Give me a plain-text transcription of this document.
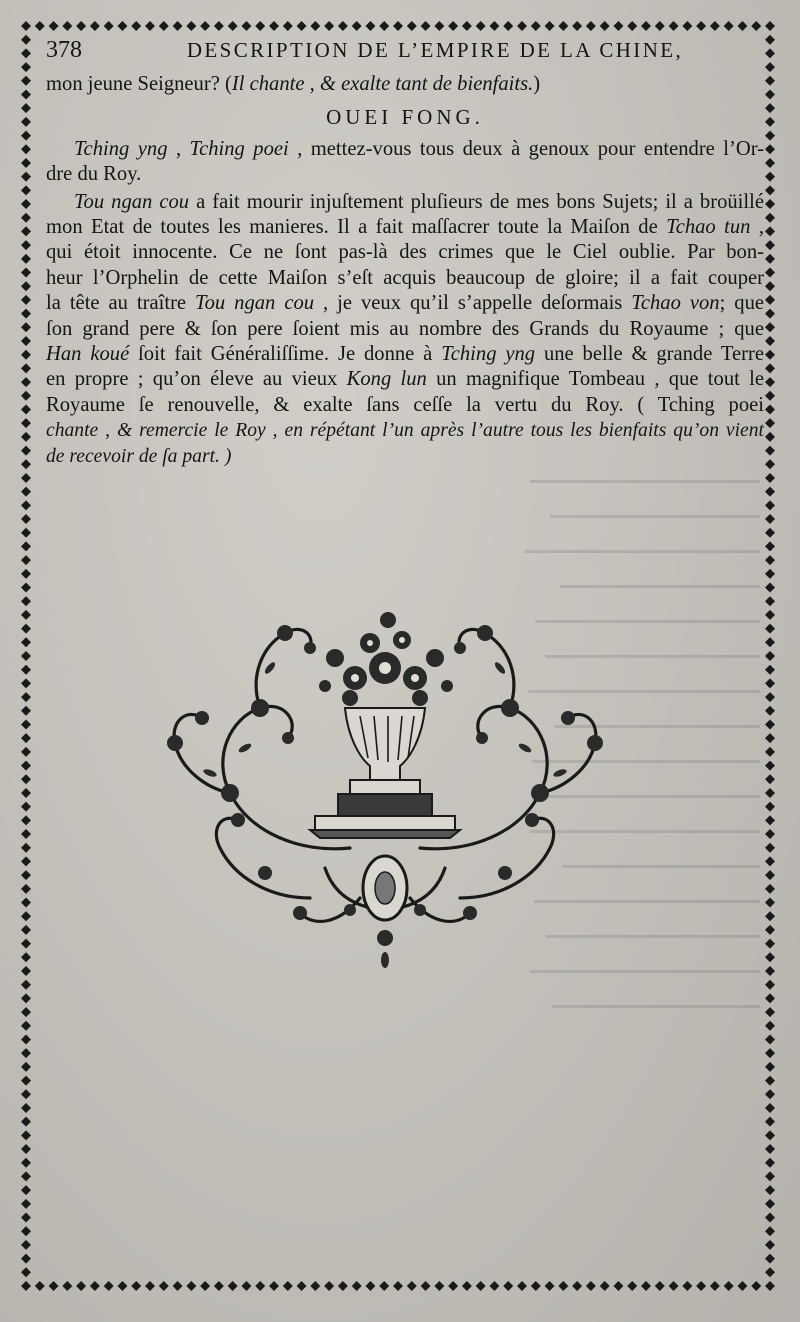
378	DESCRIPTION DE L’EMPIRE DE LA CHINE,
mon jeune Seigneur? (Il chante , & exalte tant de bienfaits.)
OUEI FONG.
Tching yng , Tching poei , mettez-vous tous deux à genoux pour entendre l’Or-
dre du Roy.
Tou ngan cou a fait mourir injuſtement pluſieurs de mes bons Sujets; il a broüillé
mon Etat de toutes les manieres. Il a fait maſſacrer toute la Maiſon de Tchao tun ,
qui étoit innocente. Ce ne ſont pas-là des crimes que le Ciel oublie. Par bon-
heur l’Orphelin de cette Maiſon s’eſt acquis beaucoup de gloire; il a fait couper
la tête au traître Tou ngan cou , je veux qu’il s’appelle deſormais Tchao von; que
ſon grand pere & ſon pere ſoient mis au nombre des Grands du Royaume ; que
Han koué ſoit fait Généraliſſime. Je donne à Tching yng une belle & grande Terre
en propre ; qu’on éleve au vieux Kong lun un magnifique Tombeau , que tout le
Royaume ſe renouvelle, & exalte ſans ceſſe la vertu du Roy. ( Tching poei
chante , & remercie le Roy , en répétant l’un après l’autre tous les bienfaits qu’on vient
de recevoir de ſa part. )
